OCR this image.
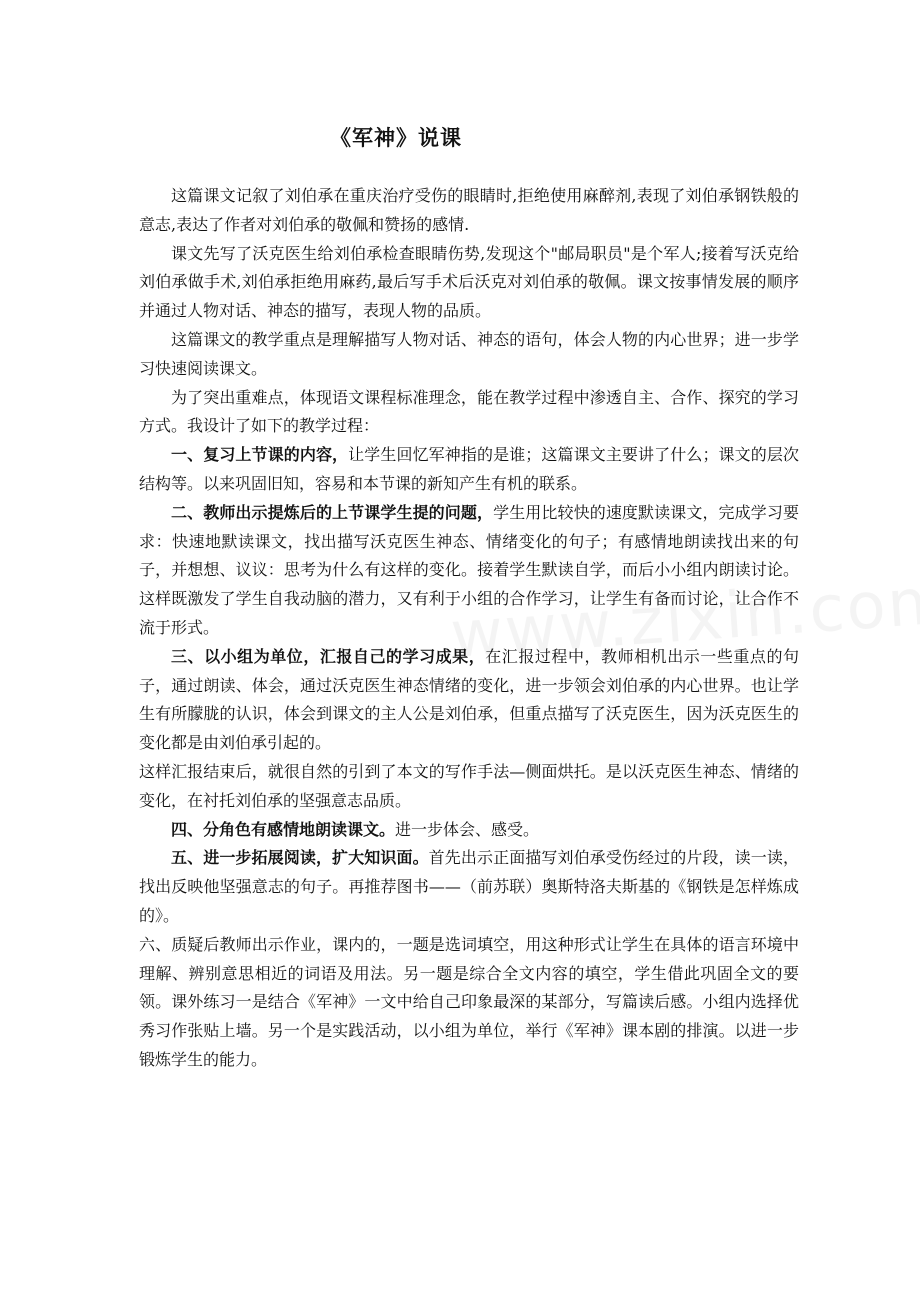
《军神》说课

这篇课文记叙了刘伯承在重庆治疗受伤的眼睛时,拒绝使用麻醉剂,表现了刘伯承钢铁般的意志,表达了作者对刘伯承的敬佩和赞扬的感情.

课文先写了沃克医生给刘伯承检查眼睛伤势,发现这个"邮局职员"是个军人;接着写沃克给刘伯承做手术,刘伯承拒绝用麻药,最后写手术后沃克对刘伯承的敬佩。课文按事情发展的顺序并通过人物对话、神态的描写，表现人物的品质。

这篇课文的教学重点是理解描写人物对话、神态的语句，体会人物的内心世界；进一步学习快速阅读课文。

为了突出重难点，体现语文课程标准理念，能在教学过程中渗透自主、合作、探究的学习方式。我设计了如下的教学过程：

一、复习上节课的内容，让学生回忆军神指的是谁；这篇课文主要讲了什么；课文的层次结构等。以来巩固旧知，容易和本节课的新知产生有机的联系。

二、教师出示提炼后的上节课学生提的问题，学生用比较快的速度默读课文，完成学习要求：快速地默读课文，找出描写沃克医生神态、情绪变化的句子；有感情地朗读找出来的句子，并想想、议议：思考为什么有这样的变化。接着学生默读自学，而后小小组内朗读讨论。这样既激发了学生自我动脑的潜力，又有利于小组的合作学习，让学生有备而讨论，让合作不流于形式。

三、以小组为单位，汇报自己的学习成果，在汇报过程中，教师相机出示一些重点的句子，通过朗读、体会，通过沃克医生神态情绪的变化，进一步领会刘伯承的内心世界。也让学生有所朦胧的认识，体会到课文的主人公是刘伯承，但重点描写了沃克医生，因为沃克医生的变化都是由刘伯承引起的。

这样汇报结束后，就很自然的引到了本文的写作手法—侧面烘托。是以沃克医生神态、情绪的变化，在衬托刘伯承的坚强意志品质。

四、分角色有感情地朗读课文。进一步体会、感受。

五、进一步拓展阅读，扩大知识面。首先出示正面描写刘伯承受伤经过的片段，读一读，找出反映他坚强意志的句子。再推荐图书——（前苏联）奥斯特洛夫斯基的《钢铁是怎样炼成的》。

六、质疑后教师出示作业，课内的，一题是选词填空，用这种形式让学生在具体的语言环境中理解、辨别意思相近的词语及用法。另一题是综合全文内容的填空，学生借此巩固全文的要领。课外练习一是结合《军神》一文中给自己印象最深的某部分，写篇读后感。小组内选择优秀习作张贴上墙。另一个是实践活动，以小组为单位，举行《军神》课本剧的排演。以进一步锻炼学生的能力。
